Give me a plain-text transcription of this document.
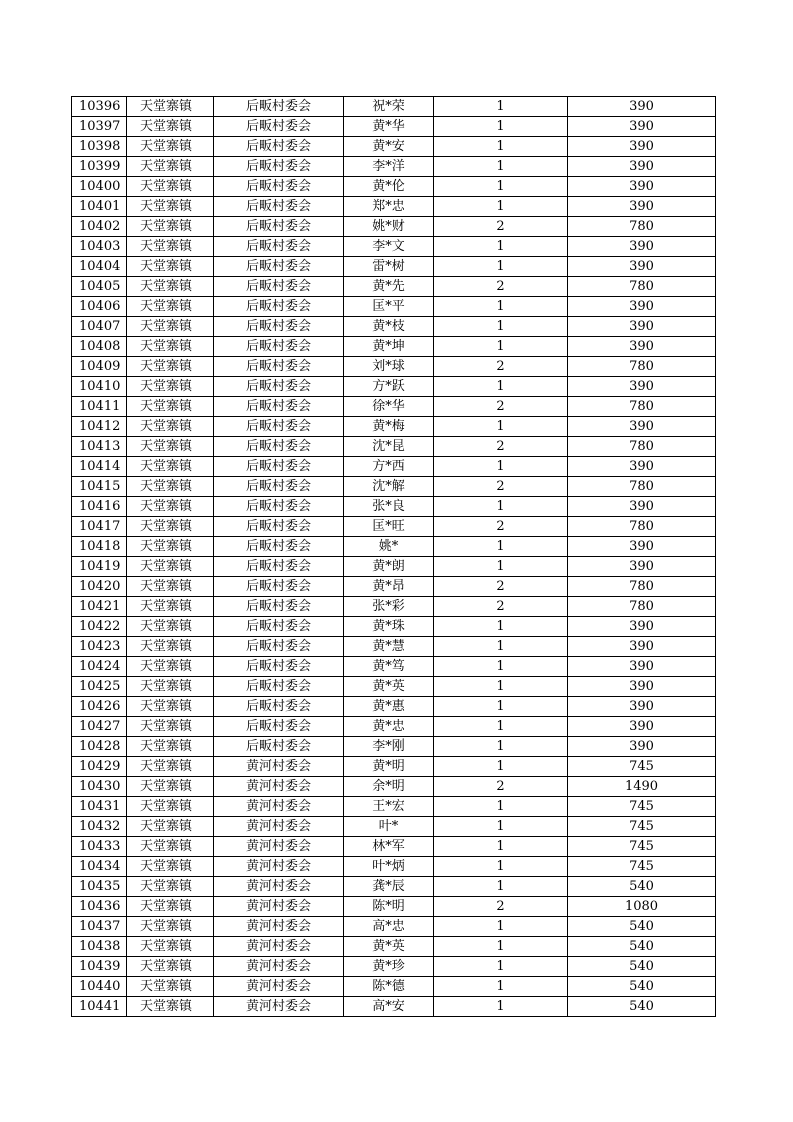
10396	天堂寨镇	后畈村委会	祝*荣	1	390
10397	天堂寨镇	后畈村委会	黄*华	1	390
10398	天堂寨镇	后畈村委会	黄*安	1	390
10399	天堂寨镇	后畈村委会	李*洋	1	390
10400	天堂寨镇	后畈村委会	黄*伦	1	390
10401	天堂寨镇	后畈村委会	郑*忠	1	390
10402	天堂寨镇	后畈村委会	姚*财	2	780
10403	天堂寨镇	后畈村委会	李*文	1	390
10404	天堂寨镇	后畈村委会	雷*树	1	390
10405	天堂寨镇	后畈村委会	黄*先	2	780
10406	天堂寨镇	后畈村委会	匡*平	1	390
10407	天堂寨镇	后畈村委会	黄*枝	1	390
10408	天堂寨镇	后畈村委会	黄*坤	1	390
10409	天堂寨镇	后畈村委会	刘*球	2	780
10410	天堂寨镇	后畈村委会	方*跃	1	390
10411	天堂寨镇	后畈村委会	徐*华	2	780
10412	天堂寨镇	后畈村委会	黄*梅	1	390
10413	天堂寨镇	后畈村委会	沈*昆	2	780
10414	天堂寨镇	后畈村委会	方*西	1	390
10415	天堂寨镇	后畈村委会	沈*解	2	780
10416	天堂寨镇	后畈村委会	张*良	1	390
10417	天堂寨镇	后畈村委会	匡*旺	2	780
10418	天堂寨镇	后畈村委会	姚*	1	390
10419	天堂寨镇	后畈村委会	黄*朗	1	390
10420	天堂寨镇	后畈村委会	黄*昂	2	780
10421	天堂寨镇	后畈村委会	张*彩	2	780
10422	天堂寨镇	后畈村委会	黄*珠	1	390
10423	天堂寨镇	后畈村委会	黄*慧	1	390
10424	天堂寨镇	后畈村委会	黄*笃	1	390
10425	天堂寨镇	后畈村委会	黄*英	1	390
10426	天堂寨镇	后畈村委会	黄*惠	1	390
10427	天堂寨镇	后畈村委会	黄*忠	1	390
10428	天堂寨镇	后畈村委会	李*刚	1	390
10429	天堂寨镇	黄河村委会	黄*明	1	745
10430	天堂寨镇	黄河村委会	余*明	2	1490
10431	天堂寨镇	黄河村委会	王*宏	1	745
10432	天堂寨镇	黄河村委会	叶*	1	745
10433	天堂寨镇	黄河村委会	林*军	1	745
10434	天堂寨镇	黄河村委会	叶*炳	1	745
10435	天堂寨镇	黄河村委会	龚*辰	1	540
10436	天堂寨镇	黄河村委会	陈*明	2	1080
10437	天堂寨镇	黄河村委会	高*忠	1	540
10438	天堂寨镇	黄河村委会	黄*英	1	540
10439	天堂寨镇	黄河村委会	黄*珍	1	540
10440	天堂寨镇	黄河村委会	陈*德	1	540
10441	天堂寨镇	黄河村委会	高*安	1	540
